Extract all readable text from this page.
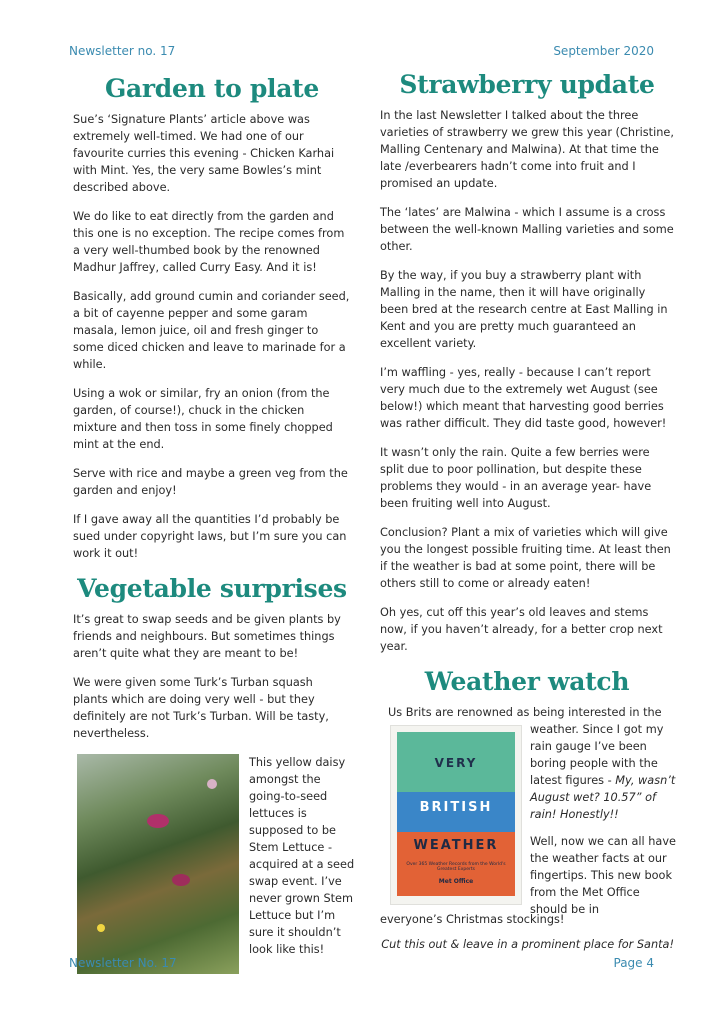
Newsletter no. 17	September 2020
Garden to plate

Sue’s ‘Signature Plants’ article above was extremely well-timed. We had one of our favourite curries this evening - Chicken Karhai with Mint. Yes, the very same Bowles’s mint described above.

We do like to eat directly from the garden and this one is no exception. The recipe comes from a very well-thumbed book by the renowned Madhur Jaffrey, called Curry Easy. And it is!

Basically, add ground cumin and coriander seed, a bit of cayenne pepper and some garam masala, lemon juice, oil and fresh ginger to some diced chicken and leave to marinade for a while.

Using a wok or similar, fry an onion (from the garden, of course!), chuck in the chicken mixture and then toss in some finely chopped mint at the end.

Serve with rice and maybe a green veg from the garden and enjoy!

If I gave away all the quantities I’d probably be sued under copyright laws, but I’m sure you can work it out!

Vegetable surprises

It’s great to swap seeds and be given plants by friends and neighbours. But sometimes things aren’t quite what they are meant to be!

We were given some Turk’s Turban squash plants which are doing very well - but they definitely are not Turk’s Turban. Will be tasty, nevertheless.

This yellow daisy amongst the going-to-seed lettuces is supposed to be Stem Lettuce - acquired at a seed swap event. I’ve never grown Stem Lettuce but I’m sure it shouldn’t look like this!

Strawberry update

In the last Newsletter I talked about the three varieties of strawberry we grew this year (Christine, Malling Centenary and Malwina). At that time the late /everbearers hadn’t come into fruit and I promised an update.

The ‘lates’ are Malwina - which I assume is a cross between the well-known Malling varieties and some other.

By the way, if you buy a strawberry plant with Malling in the name, then it will have originally been bred at the research centre at East Malling in Kent and you are pretty much guaranteed an excellent variety.

I’m waffling - yes, really - because I can’t report very much due to the extremely wet August (see below!) which meant that harvesting good berries was rather difficult. They did taste good, however!

It wasn’t only the rain. Quite a few berries were split due to poor pollination, but despite these problems they would - in an average year- have been fruiting well into August.

Conclusion? Plant a mix of varieties which will give you the longest possible fruiting time. At least then if the weather is bad at some point, there will be others still to come or already eaten!

Oh yes, cut off this year’s old leaves and stems now, if you haven’t already, for a better crop next year.

Weather watch

Us Brits are renowned as being interested in the

VERY
BRITISH
WEATHER
Over 365 Weather Records from the World's Greatest Experts
Met Office

weather. Since I got my rain gauge I’ve been boring people with the latest figures - My, wasn’t August wet? 10.57” of rain! Honestly!!

Well, now we can all have the weather facts at our fingertips. This new book from the Met Office should be in

everyone’s Christmas stockings!

Cut this out & leave in a prominent place for Santa!

Newsletter No. 17	Page 4
